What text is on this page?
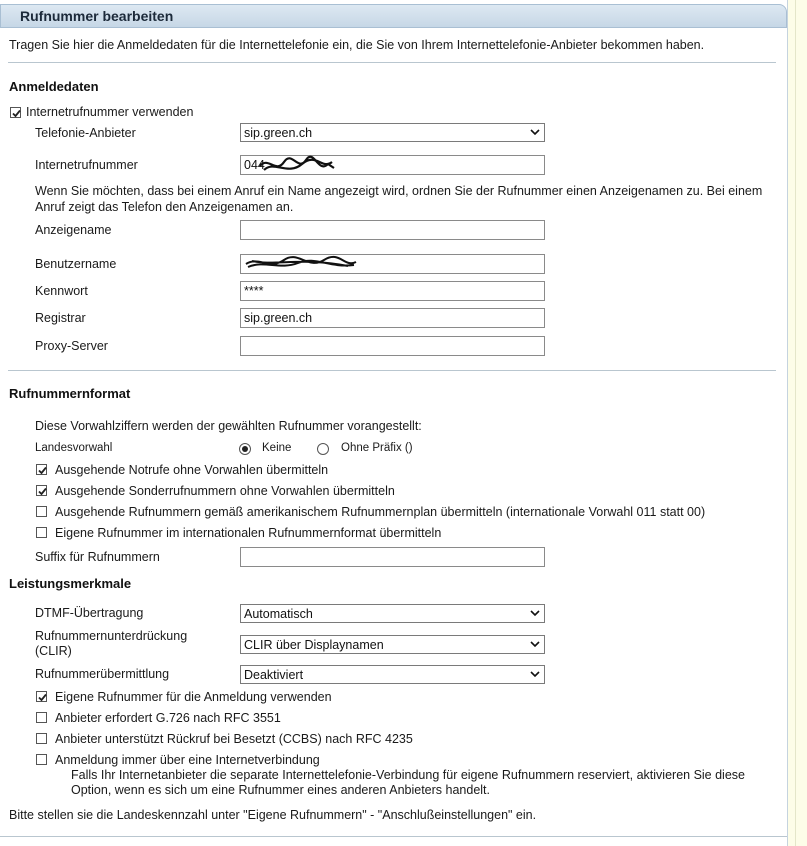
Rufnummer bearbeiten
Tragen Sie hier die Anmeldedaten für die Internettelefonie ein, die Sie von Ihrem Internettelefonie-Anbieter bekommen haben.
Anmeldedaten
Internetrufnummer verwenden
Telefonie-Anbieter	sip.green.ch
Internetrufnummer	044
Wenn Sie möchten, dass bei einem Anruf ein Name angezeigt wird, ordnen Sie der Rufnummer einen Anzeigenamen zu. Bei einem Anruf zeigt das Telefon den Anzeigenamen an.
Anzeigename
Benutzername
Kennwort	****
Registrar	sip.green.ch
Proxy-Server
Rufnummernformat
Diese Vorwahlziffern werden der gewählten Rufnummer vorangestellt:
Landesvorwahl	Keine	Ohne Präfix ()
Ausgehende Notrufe ohne Vorwahlen übermitteln
Ausgehende Sonderrufnummern ohne Vorwahlen übermitteln
Ausgehende Rufnummern gemäß amerikanischem Rufnummernplan übermitteln (internationale Vorwahl 011 statt 00)
Eigene Rufnummer im internationalen Rufnummernformat übermitteln
Suffix für Rufnummern
Leistungsmerkmale
DTMF-Übertragung	Automatisch
Rufnummernunterdrückung
(CLIR)	CLIR über Displaynamen
Rufnummerübermittlung	Deaktiviert
Eigene Rufnummer für die Anmeldung verwenden
Anbieter erfordert G.726 nach RFC 3551
Anbieter unterstützt Rückruf bei Besetzt (CCBS) nach RFC 4235
Anmeldung immer über eine Internetverbindung
Falls Ihr Internetanbieter die separate Internettelefonie-Verbindung für eigene Rufnummern reserviert, aktivieren Sie diese Option, wenn es sich um eine Rufnummer eines anderen Anbieters handelt.
Bitte stellen sie die Landeskennzahl unter "Eigene Rufnummern" - "Anschlußeinstellungen" ein.
